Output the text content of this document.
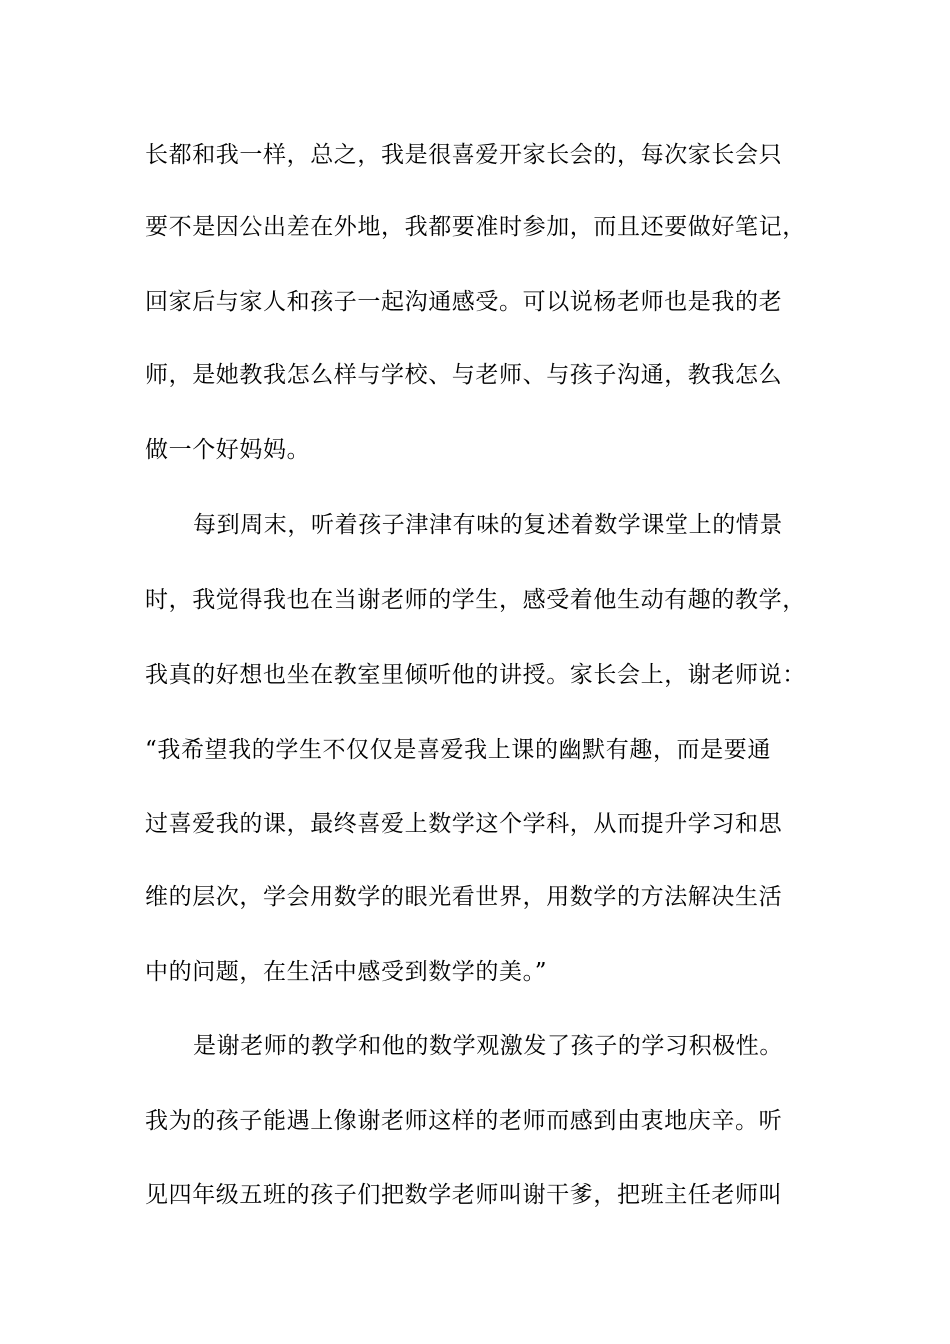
长都和我一样，总之，我是很喜爱开家长会的，每次家长会只
要不是因公出差在外地，我都要准时参加，而且还要做好笔记，
回家后与家人和孩子一起沟通感受。可以说杨老师也是我的老
师，是她教我怎么样与学校、与老师、与孩子沟通，教我怎么
做一个好妈妈。
每到周末，听着孩子津津有味的复述着数学课堂上的情景
时，我觉得我也在当谢老师的学生，感受着他生动有趣的教学，
我真的好想也坐在教室里倾听他的讲授。家长会上，谢老师说：
“我希望我的学生不仅仅是喜爱我上课的幽默有趣，而是要通
过喜爱我的课，最终喜爱上数学这个学科，从而提升学习和思
维的层次，学会用数学的眼光看世界，用数学的方法解决生活
中的问题，在生活中感受到数学的美。”
是谢老师的教学和他的数学观激发了孩子的学习积极性。
我为的孩子能遇上像谢老师这样的老师而感到由衷地庆辛。听
见四年级五班的孩子们把数学老师叫谢干爹，把班主任老师叫
